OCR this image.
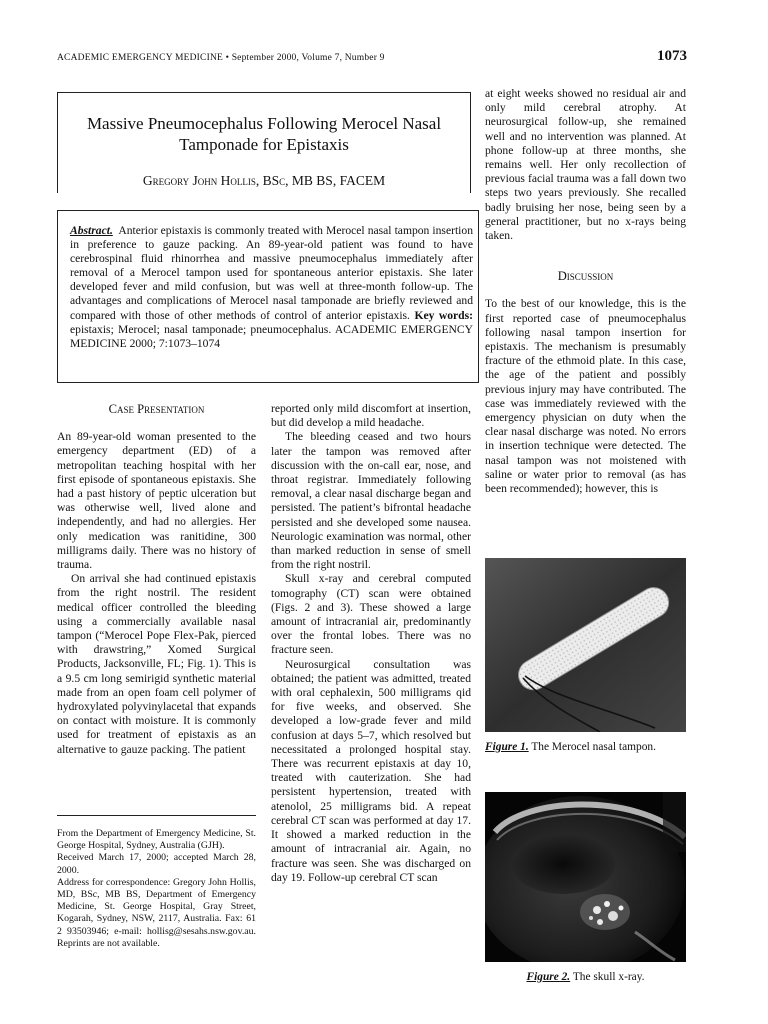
ACADEMIC EMERGENCY MEDICINE • September 2000, Volume 7, Number 9	1073
Massive Pneumocephalus Following Merocel Nasal Tamponade for Epistaxis
Gregory John Hollis, BSc, MB BS, FACEM
Abstract. Anterior epistaxis is commonly treated with Merocel nasal tampon insertion in preference to gauze packing. An 89-year-old patient was found to have cerebrospinal fluid rhinorrhea and massive pneumocephalus immediately after removal of a Merocel tampon used for spontaneous anterior epistaxis. She later developed fever and mild confusion, but was well at three-month follow-up. The advantages and complications of Merocel nasal tamponade are briefly reviewed and compared with those of other methods of control of anterior epistaxis. Key words: epistaxis; Merocel; nasal tamponade; pneumocephalus. ACADEMIC EMERGENCY MEDICINE 2000; 7:1073–1074

Case Presentation

An 89-year-old woman presented to the emergency department (ED) of a metropolitan teaching hospital with her first episode of spontaneous epistaxis. She had a past history of peptic ulceration but was otherwise well, lived alone and independently, and had no allergies. Her only medication was ranitidine, 300 milligrams daily. There was no history of trauma.

On arrival she had continued epistaxis from the right nostril. The resident medical officer controlled the bleeding using a commercially available nasal tampon (“Merocel Pope Flex-Pak, pierced with drawstring,” Xomed Surgical Products, Jacksonville, FL; Fig. 1). This is a 9.5 cm long semirigid synthetic material made from an open foam cell polymer of hydroxylated polyvinylacetal that expands on contact with moisture. It is commonly used for treatment of epistaxis as an alternative to gauze packing. The patient

From the Department of Emergency Medicine, St. George Hospital, Sydney, Australia (GJH).

Received March 17, 2000; accepted March 28, 2000.

Address for correspondence: Gregory John Hollis, MD, BSc, MB BS, Department of Emergency Medicine, St. George Hospital, Gray Street, Kogarah, Sydney, NSW, 2117, Australia. Fax: 61 2 93503946; e-mail: hollisg@sesahs.nsw.gov.au. Reprints are not available.

reported only mild discomfort at insertion, but did develop a mild headache.

The bleeding ceased and two hours later the tampon was removed after discussion with the on-call ear, nose, and throat registrar. Immediately following removal, a clear nasal discharge began and persisted. The patient’s bifrontal headache persisted and she developed some nausea. Neurologic examination was normal, other than marked reduction in sense of smell from the right nostril.

Skull x-ray and cerebral computed tomography (CT) scan were obtained (Figs. 2 and 3). These showed a large amount of intracranial air, predominantly over the frontal lobes. There was no fracture seen.

Neurosurgical consultation was obtained; the patient was admitted, treated with oral cephalexin, 500 milligrams qid for five weeks, and observed. She developed a low-grade fever and mild confusion at days 5–7, which resolved but necessitated a prolonged hospital stay. There was recurrent epistaxis at day 10, treated with cauterization. She had persistent hypertension, treated with atenolol, 25 milligrams bid. A repeat cerebral CT scan was performed at day 17. It showed a marked reduction in the amount of intracranial air. Again, no fracture was seen. She was discharged on day 19. Follow-up cerebral CT scan

at eight weeks showed no residual air and only mild cerebral atrophy. At neurosurgical follow-up, she remained well and no intervention was planned. At phone follow-up at three months, she remains well. Her only recollection of previous facial trauma was a fall down two steps two years previously. She recalled badly bruising her nose, being seen by a general practitioner, but no x-rays being taken.

Discussion

To the best of our knowledge, this is the first reported case of pneumocephalus following nasal tampon insertion for epistaxis. The mechanism is presumably fracture of the ethmoid plate. In this case, the age of the patient and possibly previous injury may have contributed. The case was immediately reviewed with the emergency physician on duty when the clear nasal discharge was noted. No errors in insertion technique were detected. The nasal tampon was not moistened with saline or water prior to removal (as has been recommended); however, this is

Figure 1. The Merocel nasal tampon.
Figure 2. The skull x-ray.
